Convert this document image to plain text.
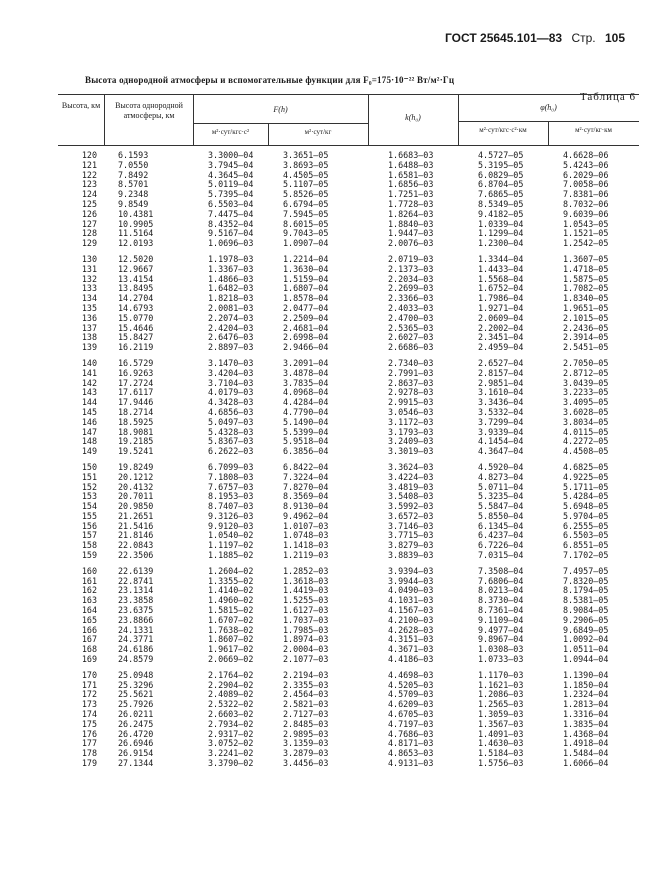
ГОСТ 25645.101—83 Стр. 105
Высота однородной атмосферы и вспомогательные функции для F₀=175·10⁻²² Вт/м²·Гц
Таблица 6
Высота, км	Высота однородной атмосферы, км
F(h)
м²·сут/кгс·с²	м²·сут/кг
k(h₀)
φ(h₀)
м²·сут/кгс·с²·км	м²·сут/кг·км
120	6.1593	3.3000—04	3.3651—05	1.6683—03	4.5727—05	4.6628—06
121	7.0550	3.7945—04	3.8693—05	1.6488—03	5.3195—05	5.4243—06
122	7.8492	4.3645—04	4.4505—05	1.6581—03	6.0829—05	6.2029—06
123	8.5701	5.0119—04	5.1107—05	1.6856—03	6.8704—05	7.0058—06
124	9.2348	5.7395—04	5.8526—05	1.7251—03	7.6865—05	7.8381—06
125	9.8549	6.5503—04	6.6794—05	1.7728—03	8.5349—05	8.7032—06
126	10.4381	7.4475—04	7.5945—05	1.8264—03	9.4182—05	9.6039—06
127	10.9905	8.4352—04	8.6015—05	1.8840—03	1.0339—04	1.0543—05
128	11.5164	9.5167—04	9.7043—05	1.9447—03	1.1299—04	1.1521—05
129	12.0193	1.0696—03	1.0907—04	2.0076—03	1.2300—04	1.2542—05
130	12.5020	1.1978—03	1.2214—04	2.0719—03	1.3344—04	1.3607—05
131	12.9667	1.3367—03	1.3630—04	2.1373—03	1.4433—04	1.4718—05
132	13.4154	1.4866—03	1.5159—04	2.2034—03	1.5568—04	1.5875—05
133	13.8495	1.6482—03	1.6807—04	2.2699—03	1.6752—04	1.7082—05
134	14.2704	1.8218—03	1.8578—04	2.3366—03	1.7986—04	1.8340—05
135	14.6793	2.0081—03	2.0477—04	2.4033—03	1.9271—04	1.9651—05
136	15.0770	2.2074—03	2.2509—04	2.4700—03	2.0609—04	2.1015—05
137	15.4646	2.4204—03	2.4681—04	2.5365—03	2.2002—04	2.2436—05
138	15.8427	2.6476—03	2.6998—04	2.6027—03	2.3451—04	2.3914—05
139	16.2119	2.8897—03	2.9466—04	2.6686—03	2.4959—04	2.5451—05
140	16.5729	3.1470—03	3.2091—04	2.7340—03	2.6527—04	2.7050—05
141	16.9263	3.4204—03	3.4878—04	2.7991—03	2.8157—04	2.8712—05
142	17.2724	3.7104—03	3.7835—04	2.8637—03	2.9851—04	3.0439—05
143	17.6117	4.0179—03	4.0968—04	2.9278—03	3.1610—04	3.2233—05
144	17.9446	4.3428—03	4.4284—04	2.9915—03	3.3436—04	3.4095—05
145	18.2714	4.6856—03	4.7790—04	3.0546—03	3.5332—04	3.6028—05
146	18.5925	5.0497—03	5.1490—04	3.1172—03	3.7299—04	3.8034—05
147	18.9081	5.4328—03	5.5399—04	3.1793—03	3.9339—04	4.0115—05
148	19.2185	5.8367—03	5.9518—04	3.2409—03	4.1454—04	4.2272—05
149	19.5241	6.2622—03	6.3856—04	3.3019—03	4.3647—04	4.4508—05
150	19.8249	6.7099—03	6.8422—04	3.3624—03	4.5920—04	4.6825—05
151	20.1212	7.1808—03	7.3224—04	3.4224—03	4.8273—04	4.9225—05
152	20.4132	7.6757—03	7.8270—04	3.4819—03	5.0711—04	5.1711—05
153	20.7011	8.1953—03	8.3569—04	3.5408—03	5.3235—04	5.4284—05
154	20.9850	8.7407—03	8.9130—04	3.5992—03	5.5847—04	5.6948—05
155	21.2651	9.3126—03	9.4962—04	3.6572—03	5.8550—04	5.9704—05
156	21.5416	9.9120—03	1.0107—03	3.7146—03	6.1345—04	6.2555—05
157	21.8146	1.0540—02	1.0748—03	3.7715—03	6.4237—04	6.5503—05
158	22.0843	1.1197—02	1.1418—03	3.8279—03	6.7226—04	6.8551—05
159	22.3506	1.1885—02	1.2119—03	3.8839—03	7.0315—04	7.1702—05
160	22.6139	1.2604—02	1.2852—03	3.9394—03	7.3508—04	7.4957—05
161	22.8741	1.3355—02	1.3618—03	3.9944—03	7.6806—04	7.8320—05
162	23.1314	1.4140—02	1.4419—03	4.0490—03	8.0213—04	8.1794—05
163	23.3858	1.4960—02	1.5255—03	4.1031—03	8.3730—04	8.5381—05
164	23.6375	1.5815—02	1.6127—03	4.1567—03	8.7361—04	8.9084—05
165	23.8866	1.6707—02	1.7037—03	4.2100—03	9.1109—04	9.2906—05
166	24.1331	1.7638—02	1.7985—03	4.2628—03	9.4977—04	9.6849—05
167	24.3771	1.8607—02	1.8974—03	4.3151—03	9.8967—04	1.0092—04
168	24.6186	1.9617—02	2.0004—03	4.3671—03	1.0308—03	1.0511—04
169	24.8579	2.0669—02	2.1077—03	4.4186—03	1.0733—03	1.0944—04
170	25.0948	2.1764—02	2.2194—03	4.4698—03	1.1170—03	1.1390—04
171	25.3296	2.2904—02	2.3355—03	4.5205—03	1.1621—03	1.1850—04
172	25.5621	2.4089—02	2.4564—03	4.5709—03	1.2086—03	1.2324—04
173	25.7926	2.5322—02	2.5821—03	4.6209—03	1.2565—03	1.2813—04
174	26.0211	2.6603—02	2.7127—03	4.6705—03	1.3059—03	1.3316—04
175	26.2475	2.7934—02	2.8485—03	4.7197—03	1.3567—03	1.3835—04
176	26.4720	2.9317—02	2.9895—03	4.7686—03	1.4091—03	1.4368—04
177	26.6946	3.0752—02	3.1359—03	4.8171—03	1.4630—03	1.4918—04
178	26.9154	3.2241—02	3.2879—03	4.8653—03	1.5184—03	1.5484—04
179	27.1344	3.3790—02	3.4456—03	4.9131—03	1.5756—03	1.6066—04
